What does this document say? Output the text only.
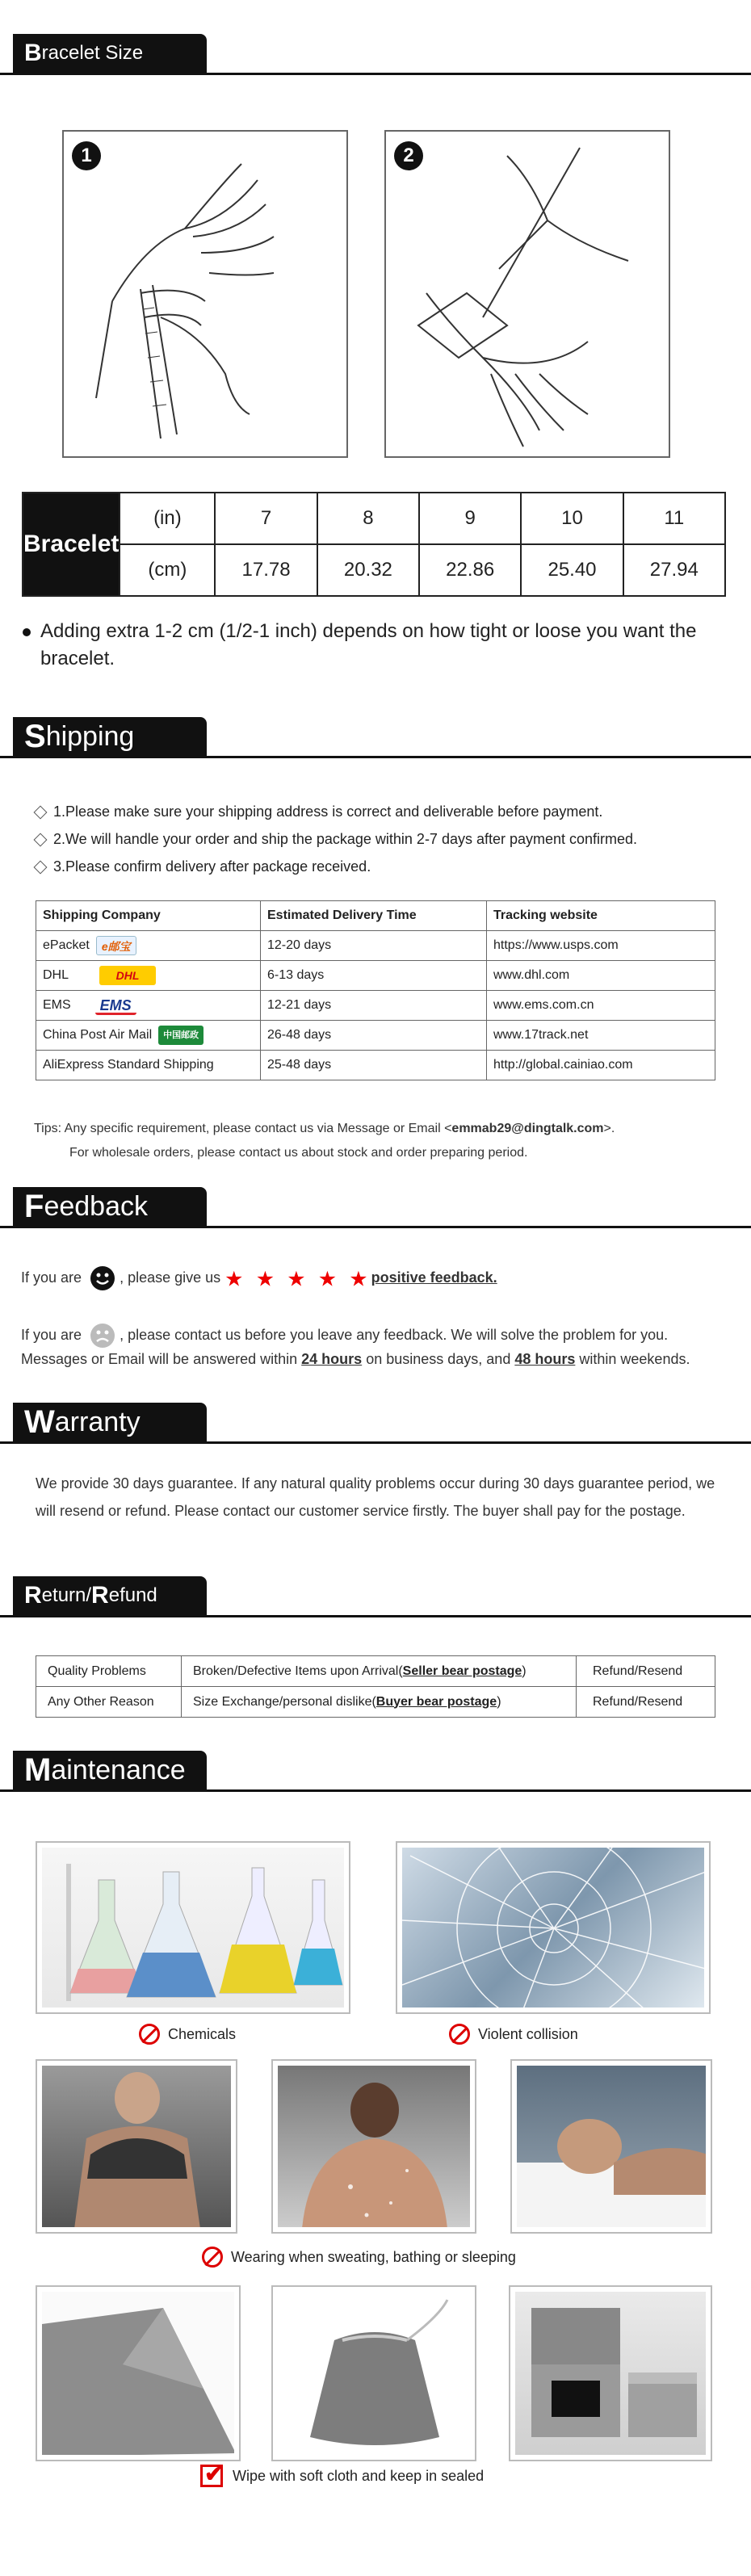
B racelet Size
1	2
Bracelet	(in)	7	8	9	10	11
	(cm)	17.78	20.32	22.86	25.40	27.94
Adding extra 1-2 cm (1/2-1 inch) depends on how tight or loose you want the bracelet.
S hipping
1.Please make sure your shipping address is correct and deliverable before payment.
2.We will handle your order and ship the package within 2-7 days after payment confirmed.
3.Please confirm delivery after package received.
Shipping Company	Estimated Delivery Time	Tracking website
ePacket e邮宝	12-20 days	https://www.usps.com
DHL DHL	6-13 days	www.dhl.com
EMS EMS	12-21 days	www.ems.com.cn
China Post Air Mail 中国邮政	26-48 days	www.17track.net
AliExpress Standard Shipping	25-48 days	http://global.cainiao.com
Tips: Any specific requirement, please contact us via Message or Email <emmab29@dingtalk.com>.
For wholesale orders, please contact us about stock and order preparing period.
F eedback
If you are	, please give us ★ ★ ★ ★ ★positive feedback.
If you are	, please contact us before you leave any feedback. We will solve the problem for you.
Messages or Email will be answered within 24 hours on business days, and 48 hours within weekends.
W arranty
We provide 30 days guarantee. If any natural quality problems occur during 30 days guarantee period, we will resend or refund. Please contact our customer service firstly. The buyer shall pay for the postage.
R eturn/ R efund
Quality Problems	Broken/Defective Items upon Arrival(Seller bear postage)	Refund/Resend
Any Other Reason	Size Exchange/personal dislike(Buyer bear postage)	Refund/Resend
M aintenance
Chemicals	Violent collision
Wearing when sweating, bathing or sleeping
✔
Wipe with soft cloth and keep in sealed
